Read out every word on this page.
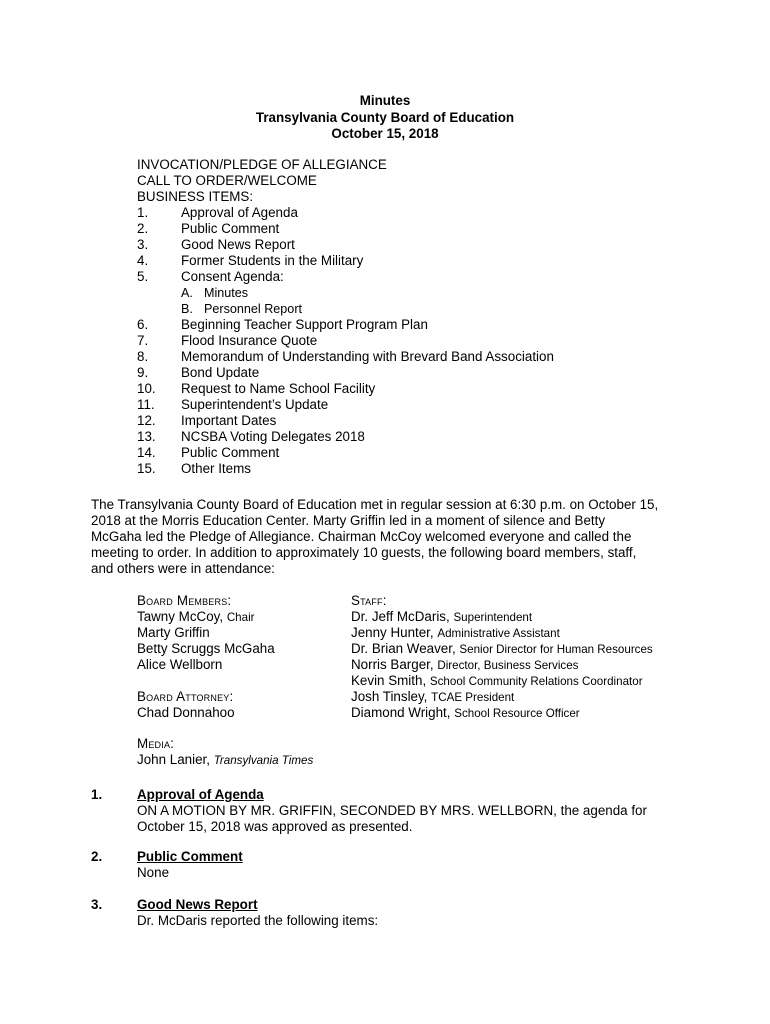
Minutes
Transylvania County Board of Education
October 15, 2018
INVOCATION/PLEDGE OF ALLEGIANCE
CALL TO ORDER/WELCOME
BUSINESS ITEMS:
1. Approval of Agenda
2. Public Comment
3. Good News Report
4. Former Students in the Military
5. Consent Agenda:
A. Minutes
B. Personnel Report
6. Beginning Teacher Support Program Plan
7. Flood Insurance Quote
8. Memorandum of Understanding with Brevard Band Association
9. Bond Update
10. Request to Name School Facility
11. Superintendent’s Update
12. Important Dates
13. NCSBA Voting Delegates 2018
14. Public Comment
15. Other Items
The Transylvania County Board of Education met in regular session at 6:30 p.m. on October 15,
2018 at the Morris Education Center. Marty Griffin led in a moment of silence and Betty
McGaha led the Pledge of Allegiance. Chairman McCoy welcomed everyone and called the
meeting to order. In addition to approximately 10 guests, the following board members, staff,
and others were in attendance:
Board Members:
Tawny McCoy, Chair
Marty Griffin
Betty Scruggs McGaha
Alice Wellborn
Board Attorney:
Chad Donnahoo
Staff:
Dr. Jeff McDaris, Superintendent
Jenny Hunter, Administrative Assistant
Dr. Brian Weaver, Senior Director for Human Resources
Norris Barger, Director, Business Services
Kevin Smith, School Community Relations Coordinator
Josh Tinsley, TCAE President
Diamond Wright, School Resource Officer
Media:
John Lanier, Transylvania Times
1.	Approval of Agenda
ON A MOTION BY MR. GRIFFIN, SECONDED BY MRS. WELLBORN, the agenda for
October 15, 2018 was approved as presented.
2.	Public Comment
None
3.	Good News Report
Dr. McDaris reported the following items:
